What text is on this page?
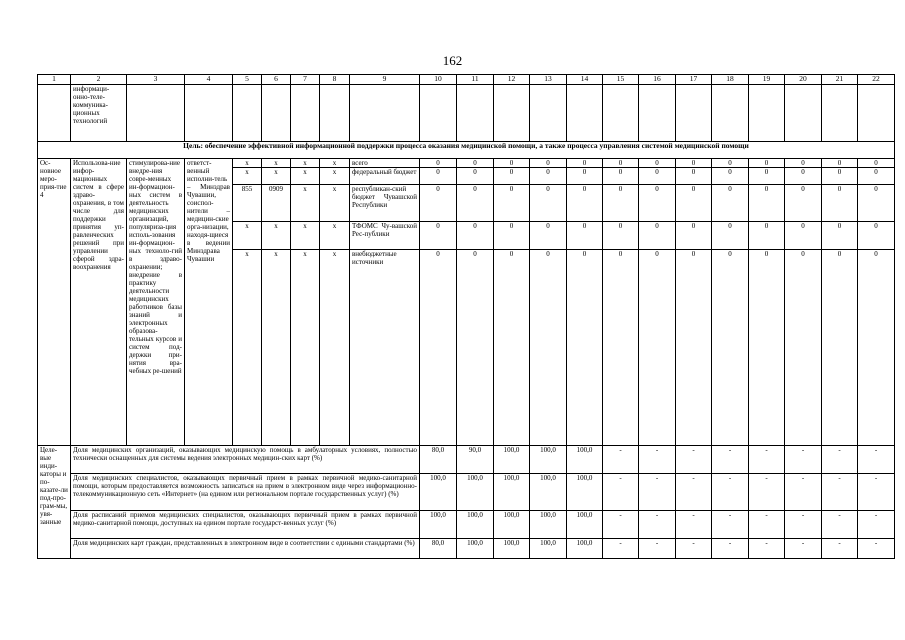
162
1	2	3	4	5	6	7	8	9	10	11	12	13	14	15	16	17	18	19	20	21	22
	информаци-онно-теле-коммуника-ционных технологий																				
Цель: обеспечение эффективной информационной поддержки процесса оказания медицинской помощи, а также процесса управления системой медицинской помощи																					
Ос-новное меро-прия-тие 4	Использова-ние инфор-мационных систем в сфере здраво-охранения, в том числе для поддержки принятия уп-равленческих решений при управлении сферой здра-воохранения	стимулирова-ние внедре-ния совре-менных ин-формацион-ных систем в деятельность медицинских организаций, популяриза-ция исполь-зования ин-формацион-ных техноло-гий в здраво-охранении; внедрение в практику деятельности медицинских работников базы знаний и электронных образова-тельных курсов и систем под-держки при-нятия вра-чебных ре-шений	ответст-венный исполни-тель – Минздрав Чувашии, соиспол-нители – медицин-ские орга-низации, находя-щиеся в ведении Минздрава Чувашии	x	x	x	x	всего	0	0	0	0	0	0	0	0	0	0	0	0	0
				x	x	x	x	федеральный бюджет	0	0	0	0	0	0	0	0	0	0	0	0	0
				855	0909	x	x	республикан-ский бюджет Чувашской Республики	0	0	0	0	0	0	0	0	0	0	0	0	0
				x	x	x	x	ТФОМС Чу-вашской Рес-публики	0	0	0	0	0	0	0	0	0	0	0	0	0
				x	x	x	x	внебюджетные источники	0	0	0	0	0	0	0	0	0	0	0	0	0
Целе-вые инди-каторы и по-казате-ли под-про-грам-мы, увя-занные	Доля медицинских организаций, оказывающих медицинскую помощь в амбулаторных условиях, полностью технически оснащенных для системы ведения электронных медицин-ских карт (%)								80,0	90,0	100,0	100,0	100,0	-	-	-	-	-	-	-	-
	Доля медицинских специалистов, оказывающих первичный прием в рамках первичной медико-санитарной помощи, которым предоставляется возможность записаться на прием в электронном виде через информационно-телекоммуникационную сеть «Интернет» (на едином или региональном портале государственных услуг) (%)								100,0	100,0	100,0	100,0	100,0	-	-	-	-	-	-	-	-
	Доля расписаний приемов медицинских специалистов, оказывающих первичный прием в рамках первичной медико-санитарной помощи, доступных на едином портале государст-венных услуг (%)								100,0	100,0	100,0	100,0	100,0	-	-	-	-	-	-	-	-
	Доля медицинских карт граждан, представленных в электронном виде в соответствии с едиными стандартами (%)								80,0	100,0	100,0	100,0	100,0	-	-	-	-	-	-	-	-
